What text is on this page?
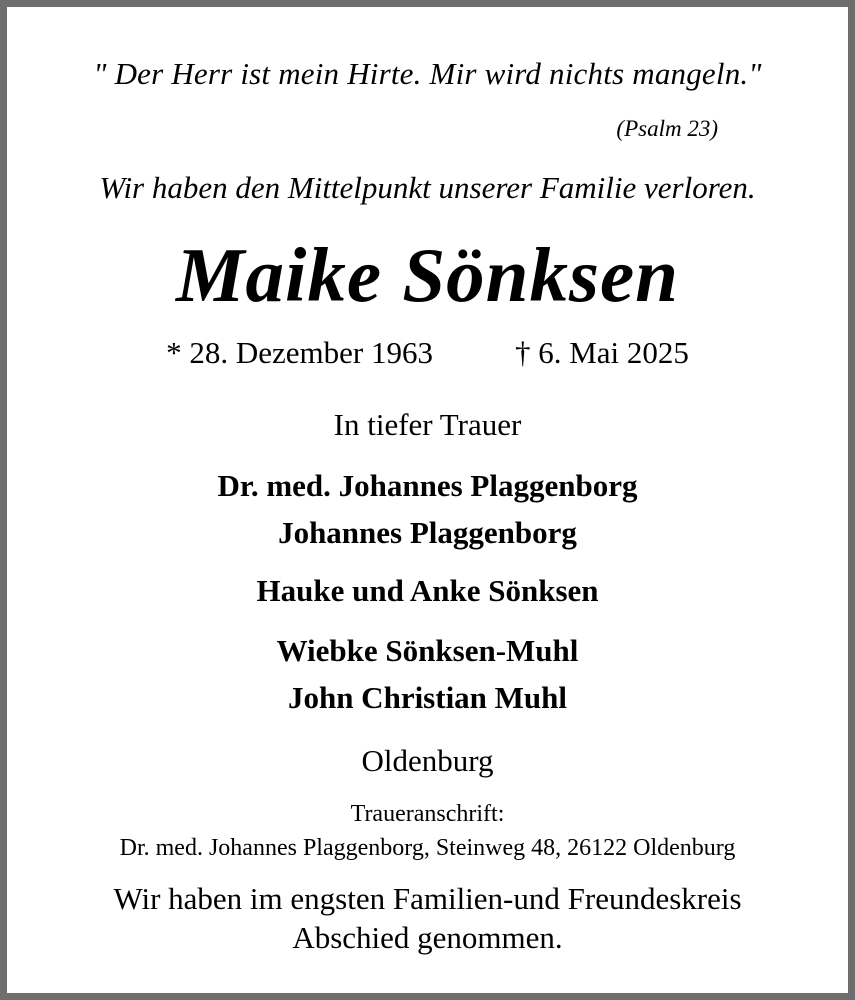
" Der Herr ist mein Hirte. Mir wird nichts mangeln."

(Psalm 23)

Wir haben den Mittelpunkt unserer Familie verloren.

Maike Sönksen

* 28. Dezember 1963	† 6. Mai 2025

In tiefer Trauer

Dr. med. Johannes Plaggenborg

Johannes Plaggenborg

Hauke und Anke Sönksen

Wiebke Sönksen-Muhl

John Christian Muhl

Oldenburg

Traueranschrift:

Dr. med. Johannes Plaggenborg, Steinweg 48, 26122 Oldenburg

Wir haben im engsten Familien-und Freundeskreis

Abschied genommen.
